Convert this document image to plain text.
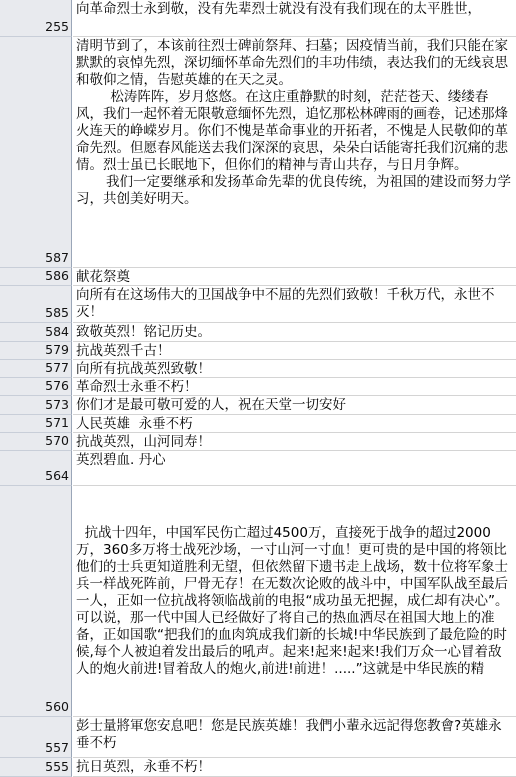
255
向革命烈士永到敬，没有先辈烈士就没有没有我们现在的太平胜世，
587
清明节到了，本该前往烈士碑前祭拜、扫墓；因疫情当前，我们只能在家默默的哀悼先烈，深切缅怀革命先烈们的丰功伟绩，表达我们的无线哀思和敬仰之情，告慰英雄的在天之灵。
松涛阵阵，岁月悠悠。在这庄重静默的时刻，茫茫苍天、缕缕春风，我们一起怀着无限敬意缅怀先烈，追忆那松林碑雨的画卷，记述那烽火连天的峥嵘岁月。你们不愧是革命事业的开拓者，不愧是人民敬仰的革命先烈。但愿春风能送去我们深深的哀思，朵朵白话能寄托我们沉痛的悲情。烈士虽已长眠地下，但你们的精神与青山共存，与日月争辉。
我们一定要继承和发扬革命先辈的优良传统，为祖国的建设而努力学习，共创美好明天。
586 献花祭奠
585
向所有在这场伟大的卫国战争中不屈的先烈们致敬！千秋万代，永世不灭！
584 致敬英烈！铭记历史。
579 抗战英烈千古！
577 向所有抗战英烈致敬！
576 革命烈士永垂不朽！
573 你们才是最可敬可爱的人，祝在天堂一切安好
571 人民英雄  永垂不朽
570 抗战英烈，山河同寿！
564
英烈碧血. 丹心
560
抗战十四年，中国军民伤亡超过4500万，直接死于战争的超过2000万，360多万将士战死沙场，一寸山河一寸血！更可贵的是中国的将领比他们的士兵更知道胜利无望，但依然留下遗书走上战场，数十位将军象士兵一样战死阵前，尸骨无存！在无数次论败的战斗中，中国军队战至最后一人，正如一位抗战将领临战前的电报“成功虽无把握，成仁却有决心”。可以说，那一代中国人已经做好了将自己的热血洒尽在祖国大地上的准备，正如国歌“把我们的血肉筑成我们新的长城!中华民族到了最危险的时候,每个人被迫着发出最后的吼声。起来!起来!起来!我们万众一心冒着敌人的炮火前进!冒着敌人的炮火,前进!前进！.....”这就是中华民族的精
557
彭士量將軍您安息吧！您是民族英雄！我們小輩永远記得您教會?英雄永垂不朽
555 抗日英烈，永垂不朽！
